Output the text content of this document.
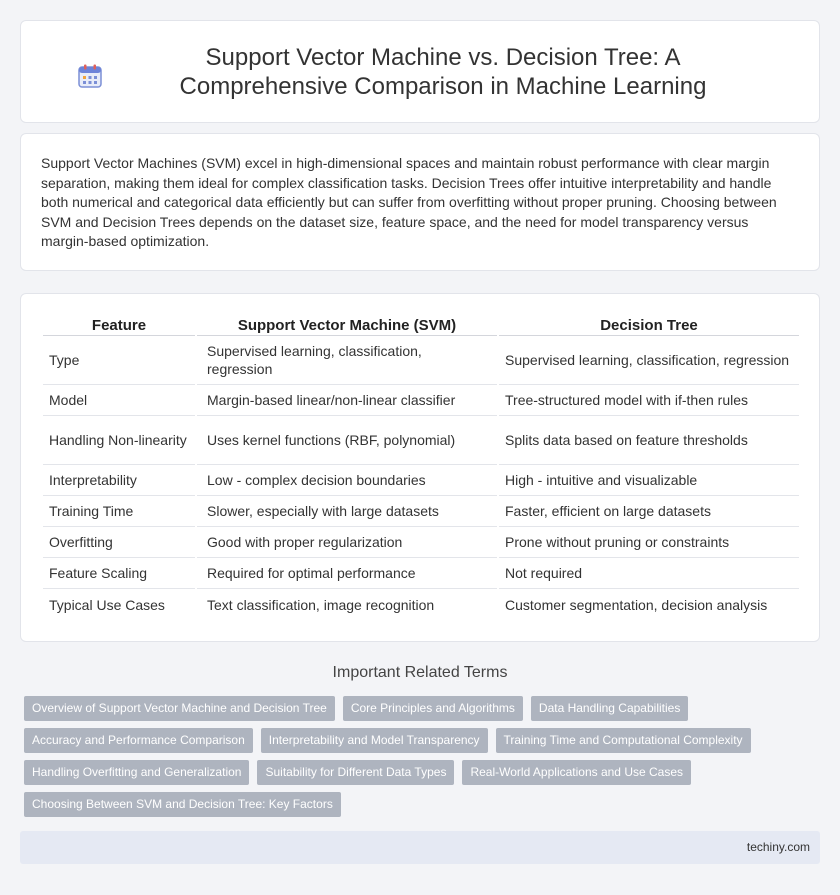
Support Vector Machine vs. Decision Tree: A Comprehensive Comparison in Machine Learning

Support Vector Machines (SVM) excel in high-dimensional spaces and maintain robust performance with clear margin separation, making them ideal for complex classification tasks. Decision Trees offer intuitive interpretability and handle both numerical and categorical data efficiently but can suffer from overfitting without proper pruning. Choosing between SVM and Decision Trees depends on the dataset size, feature space, and the need for model transparency versus margin-based optimization.

Feature		Support Vector Machine (SVM)		Decision Tree
Type		Supervised learning, classification, regression		Supervised learning, classification, regression
Model		Margin-based linear/non-linear classifier		Tree-structured model with if-then rules
Handling Non-linearity		Uses kernel functions (RBF, polynomial)		Splits data based on feature thresholds
Interpretability		Low - complex decision boundaries		High - intuitive and visualizable
Training Time		Slower, especially with large datasets		Faster, efficient on large datasets
Overfitting		Good with proper regularization		Prone without pruning or constraints
Feature Scaling		Required for optimal performance		Not required
Typical Use Cases		Text classification, image recognition		Customer segmentation, decision analysis
Important Related Terms
Overview of Support Vector Machine and Decision Tree	Core Principles and Algorithms	Data Handling Capabilities
Accuracy and Performance Comparison	Interpretability and Model Transparency	Training Time and Computational Complexity
Handling Overfitting and Generalization	Suitability for Different Data Types	Real-World Applications and Use Cases
Choosing Between SVM and Decision Tree: Key Factors
techiny.com
